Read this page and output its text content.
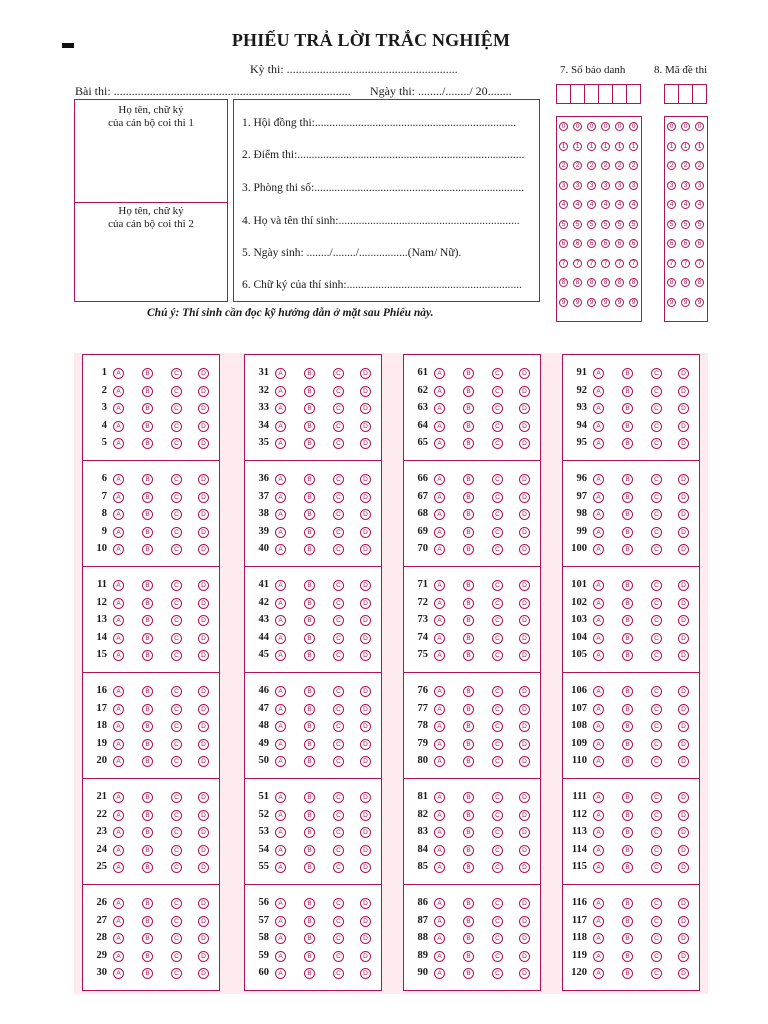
PHIẾU TRẢ LỜI TRẮC NGHIỆM
Kỳ thi: .........................................................
Bài thi: ............................................................................... Ngày thi: ......../......../ 20........
Họ tên, chữ ký
của cán bộ coi thi 1
Họ tên, chữ ký
của cán bộ coi thi 2
1. Hội đồng thi:......................................................................
2. Điểm thi:...............................................................................
3. Phòng thi số:.........................................................................
4. Họ và tên thí sinh:...............................................................
5. Ngày sinh: ......../......../.................(Nam/ Nữ).
6. Chữ ký của thí sinh:.............................................................
Chú ý: Thí sinh cần đọc kỹ hướng dẫn ở mặt sau Phiếu này.
7. Số báo danh	8. Mã đề thi
0	0	0	0	0	0
1	1	1	1	1	1
2	2	2	2	2	2
3	3	3	3	3	3
4	4	4	4	4	4
5	5	5	5	5	5
6	6	6	6	6	6
7	7	7	7	7	7
8	8	8	8	8	8
9	9	9	9	9	9
0	0	0
1	1	1
2	2	2
3	3	3
4	4	4
5	5	5
6	6	6
7	7	7
8	8	8
9	9	9
1	A	B	C	D
2	A	B	C	D
3	A	B	C	D
4	A	B	C	D
5	A	B	C	D
6	A	B	C	D
7	A	B	C	D
8	A	B	C	D
9	A	B	C	D
10	A	B	C	D
11	A	B	C	D
12	A	B	C	D
13	A	B	C	D
14	A	B	C	D
15	A	B	C	D
16	A	B	C	D
17	A	B	C	D
18	A	B	C	D
19	A	B	C	D
20	A	B	C	D
21	A	B	C	D
22	A	B	C	D
23	A	B	C	D
24	A	B	C	D
25	A	B	C	D
26	A	B	C	D
27	A	B	C	D
28	A	B	C	D
29	A	B	C	D
30	A	B	C	D
31	A	B	C	D
32	A	B	C	D
33	A	B	C	D
34	A	B	C	D
35	A	B	C	D
36	A	B	C	D
37	A	B	C	D
38	A	B	C	D
39	A	B	C	D
40	A	B	C	D
41	A	B	C	D
42	A	B	C	D
43	A	B	C	D
44	A	B	C	D
45	A	B	C	D
46	A	B	C	D
47	A	B	C	D
48	A	B	C	D
49	A	B	C	D
50	A	B	C	D
51	A	B	C	D
52	A	B	C	D
53	A	B	C	D
54	A	B	C	D
55	A	B	C	D
56	A	B	C	D
57	A	B	C	D
58	A	B	C	D
59	A	B	C	D
60	A	B	C	D
61	A	B	C	D
62	A	B	C	D
63	A	B	C	D
64	A	B	C	D
65	A	B	C	D
66	A	B	C	D
67	A	B	C	D
68	A	B	C	D
69	A	B	C	D
70	A	B	C	D
71	A	B	C	D
72	A	B	C	D
73	A	B	C	D
74	A	B	C	D
75	A	B	C	D
76	A	B	C	D
77	A	B	C	D
78	A	B	C	D
79	A	B	C	D
80	A	B	C	D
81	A	B	C	D
82	A	B	C	D
83	A	B	C	D
84	A	B	C	D
85	A	B	C	D
86	A	B	C	D
87	A	B	C	D
88	A	B	C	D
89	A	B	C	D
90	A	B	C	D
91	A	B	C	D
92	A	B	C	D
93	A	B	C	D
94	A	B	C	D
95	A	B	C	D
96	A	B	C	D
97	A	B	C	D
98	A	B	C	D
99	A	B	C	D
100	A	B	C	D
101	A	B	C	D
102	A	B	C	D
103	A	B	C	D
104	A	B	C	D
105	A	B	C	D
106	A	B	C	D
107	A	B	C	D
108	A	B	C	D
109	A	B	C	D
110	A	B	C	D
111	A	B	C	D
112	A	B	C	D
113	A	B	C	D
114	A	B	C	D
115	A	B	C	D
116	A	B	C	D
117	A	B	C	D
118	A	B	C	D
119	A	B	C	D
120	A	B	C	D
